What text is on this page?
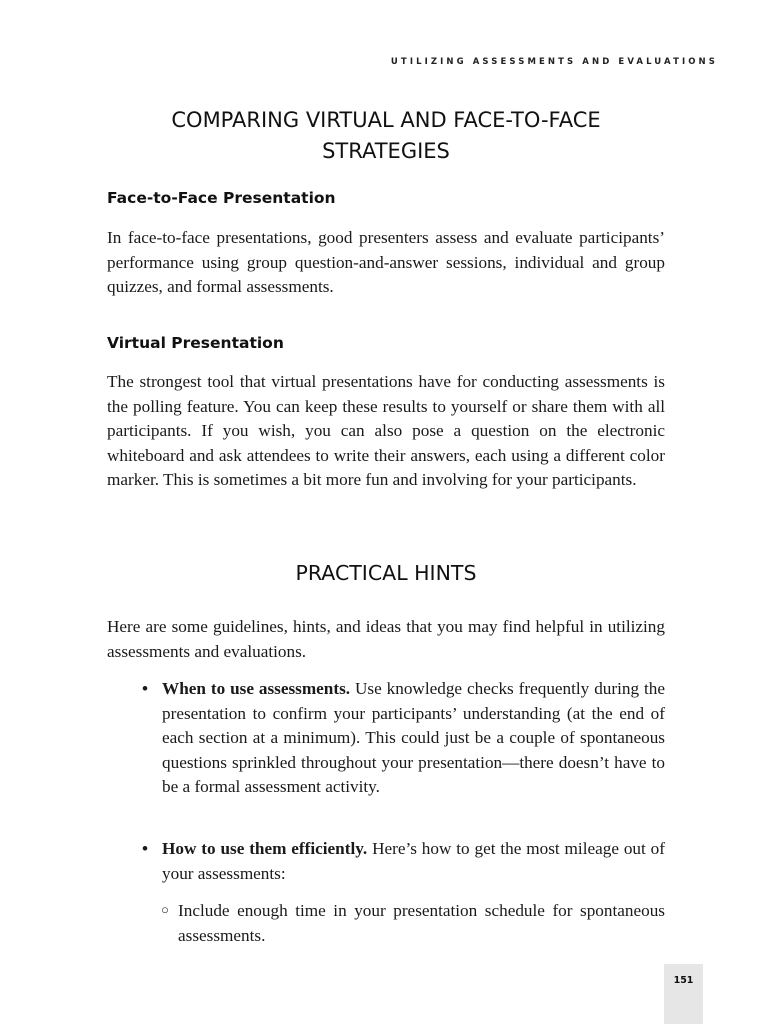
UTILIZING ASSESSMENTS AND EVALUATIONS
COMPARING VIRTUAL AND FACE-TO-FACE
STRATEGIES
Face-to-Face Presentation

In face-to-face presentations, good presenters assess and evaluate participants’ performance using group question-and-answer sessions, individual and group quizzes, and formal assessments.

Virtual Presentation

The strongest tool that virtual presentations have for conducting assessments is the polling feature. You can keep these results to yourself or share them with all participants. If you wish, you can also pose a question on the electronic whiteboard and ask attendees to write their answers, each using a different color marker. This is sometimes a bit more fun and involving for your participants.

PRACTICAL HINTS

Here are some guidelines, hints, and ideas that you may find helpful in utilizing assessments and evaluations.

• When to use assessments. Use knowledge checks frequently during the presentation to confirm your participants’ understanding (at the end of each section at a minimum). This could just be a couple of spontaneous questions sprinkled throughout your presentation—there doesn’t have to be a formal assessment activity.

• How to use them efficiently. Here’s how to get the most mileage out of your assessments:

○ Include enough time in your presentation schedule for spontaneous assessments.

151
